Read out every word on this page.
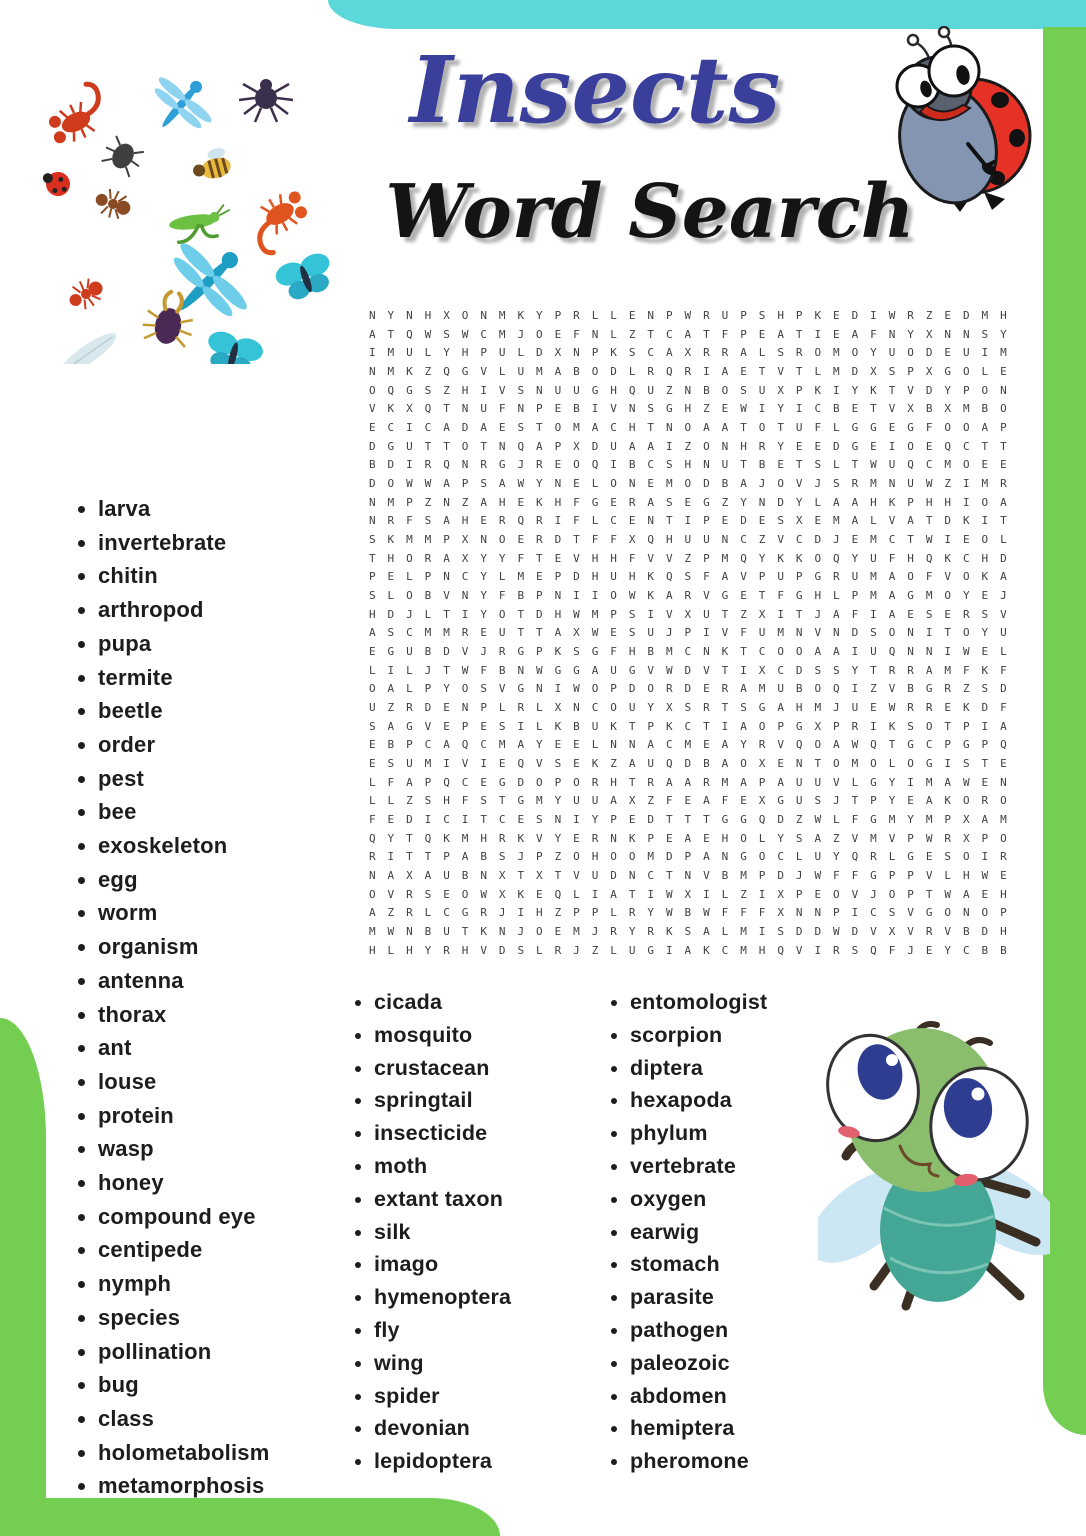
Insects
Word Search
N	Y	N	H	X	O	N	M	K	Y	P	R	L	L	E	N	P	W	R	U	P	S	H	P	K	E	D	I	W	R	Z	E	D	M	H
A	T	Q	W	S	W	C	M	J	O	E	F	N	L	Z	T	C	A	T	F	P	E	A	T	I	E	A	F	N	Y	X	N	N	S	Y
I	M	U	L	Y	H	P	U	L	D	X	N	P	K	S	C	A	X	R	R	A	L	S	R	O	M	O	Y	U	O	D	E	U	I	M
N	M	K	Z	Q	G	V	L	U	M	A	B	O	D	L	R	Q	R	I	A	E	T	V	T	L	M	D	X	S	P	X	G	O	L	E
O	Q	G	S	Z	H	I	V	S	N	U	U	G	H	Q	U	Z	N	B	O	S	U	X	P	K	I	Y	K	T	V	D	Y	P	O	N
V	K	X	Q	T	N	U	F	N	P	E	B	I	V	N	S	G	H	Z	E	W	I	Y	I	C	B	E	T	V	X	B	X	M	B	O
E	C	I	C	A	D	A	E	S	T	O	M	A	C	H	T	N	O	A	A	T	O	T	U	F	L	G	G	E	G	F	O	O	A	P
D	G	U	T	T	O	T	N	Q	A	P	X	D	U	A	A	I	Z	O	N	H	R	Y	E	E	D	G	E	I	O	E	Q	C	T	T
B	D	I	R	Q	N	R	G	J	R	E	O	Q	I	B	C	S	H	N	U	T	B	E	T	S	L	T	W	U	Q	C	M	O	E	E
D	O	W	W	A	P	S	A	W	Y	N	E	L	O	N	E	M	O	D	B	A	J	O	V	J	S	R	M	N	U	W	Z	I	M	R
N	M	P	Z	N	Z	A	H	E	K	H	F	G	E	R	A	S	E	G	Z	Y	N	D	Y	L	A	A	H	K	P	H	H	I	O	A
N	R	F	S	A	H	E	R	Q	R	I	F	L	C	E	N	T	I	P	E	D	E	S	X	E	M	A	L	V	A	T	D	K	I	T
S	K	M	M	P	X	N	O	E	R	D	T	F	F	X	Q	H	U	U	N	C	Z	V	C	D	J	E	M	C	T	W	I	E	O	L
T	H	O	R	A	X	Y	Y	F	T	E	V	H	H	F	V	V	Z	P	M	Q	Y	K	K	O	Q	Y	U	F	H	Q	K	C	H	D
P	E	L	P	N	C	Y	L	M	E	P	D	H	U	H	K	Q	S	F	A	V	P	U	P	G	R	U	M	A	O	F	V	O	K	A
S	L	O	B	V	N	Y	F	B	P	N	I	I	O	W	K	A	R	V	G	E	T	F	G	H	L	P	M	A	G	M	O	Y	E	J
H	D	J	L	T	I	Y	O	T	D	H	W	M	P	S	I	V	X	U	T	Z	X	I	T	J	A	F	I	A	E	S	E	R	S	V
A	S	C	M	M	R	E	U	T	T	A	X	W	E	S	U	J	P	I	V	F	U	M	N	V	N	D	S	O	N	I	T	O	Y	U
E	G	U	B	D	V	J	R	G	P	K	S	G	F	H	B	M	C	N	K	T	C	O	O	A	A	I	U	Q	N	N	I	W	E	L
L	I	L	J	T	W	F	B	N	W	G	G	A	U	G	V	W	D	V	T	I	X	C	D	S	S	Y	T	R	R	A	M	F	K	F
O	A	L	P	Y	O	S	V	G	N	I	W	O	P	D	O	R	D	E	R	A	M	U	B	O	Q	I	Z	V	B	G	R	Z	S	D
U	Z	R	D	E	N	P	L	R	L	X	N	C	O	U	Y	X	S	R	T	S	G	A	H	M	J	U	E	W	R	R	E	K	D	F
S	A	G	V	E	P	E	S	I	L	K	B	U	K	T	P	K	C	T	I	A	O	P	G	X	P	R	I	K	S	O	T	P	I	A
E	B	P	C	A	Q	C	M	A	Y	E	E	L	N	N	A	C	M	E	A	Y	R	V	Q	O	A	W	Q	T	G	C	P	G	P	Q
E	S	U	M	I	V	I	E	Q	V	S	E	K	Z	A	U	Q	D	B	A	O	X	E	N	T	O	M	O	L	O	G	I	S	T	E
L	F	A	P	Q	C	E	G	D	O	P	O	R	H	T	R	A	A	R	M	A	P	A	U	U	V	L	G	Y	I	M	A	W	E	N
L	L	Z	S	H	F	S	T	G	M	Y	U	U	A	X	Z	F	E	A	F	E	X	G	U	S	J	T	P	Y	E	A	K	O	R	O
F	E	D	I	C	I	T	C	E	S	N	I	Y	P	E	D	T	T	T	G	G	Q	D	Z	W	L	F	G	M	Y	M	P	X	A	M
Q	Y	T	Q	K	M	H	R	K	V	Y	E	R	N	K	P	E	A	E	H	O	L	Y	S	A	Z	V	M	V	P	W	R	X	P	O
R	I	T	T	P	A	B	S	J	P	Z	O	H	O	O	M	D	P	A	N	G	O	C	L	U	Y	Q	R	L	G	E	S	O	I	R
N	A	X	A	U	B	N	X	T	X	T	V	U	D	N	C	T	N	V	B	M	P	D	J	W	F	F	G	P	P	V	L	H	W	E
O	V	R	S	E	O	W	X	K	E	Q	L	I	A	T	I	W	X	I	L	Z	I	X	P	E	O	V	J	O	P	T	W	A	E	H
A	Z	R	L	C	G	R	J	I	H	Z	P	P	L	R	Y	W	B	W	F	F	F	X	N	N	P	I	C	S	V	G	O	N	O	P
M	W	N	B	U	T	K	N	J	O	E	M	J	R	Y	R	K	S	A	L	M	I	S	D	D	W	D	V	X	V	R	V	B	D	H
H	L	H	Y	R	H	V	D	S	L	R	J	Z	L	U	G	I	A	K	C	M	H	Q	V	I	R	S	Q	F	J	E	Y	C	B	B
• larva
• invertebrate
• chitin
• arthropod
• pupa
• termite
• beetle
• order
• pest
• bee
• exoskeleton
• egg
• worm
• organism
• antenna
• thorax
• ant
• louse
• protein
• wasp
• honey
• compound eye
• centipede
• nymph
• species
• pollination
• bug
• class
• holometabolism
• metamorphosis
• cicada
• mosquito
• crustacean
• springtail
• insecticide
• moth
• extant taxon
• silk
• imago
• hymenoptera
• fly
• wing
• spider
• devonian
• lepidoptera
• entomologist
• scorpion
• diptera
• hexapoda
• phylum
• vertebrate
• oxygen
• earwig
• stomach
• parasite
• pathogen
• paleozoic
• abdomen
• hemiptera
• pheromone
